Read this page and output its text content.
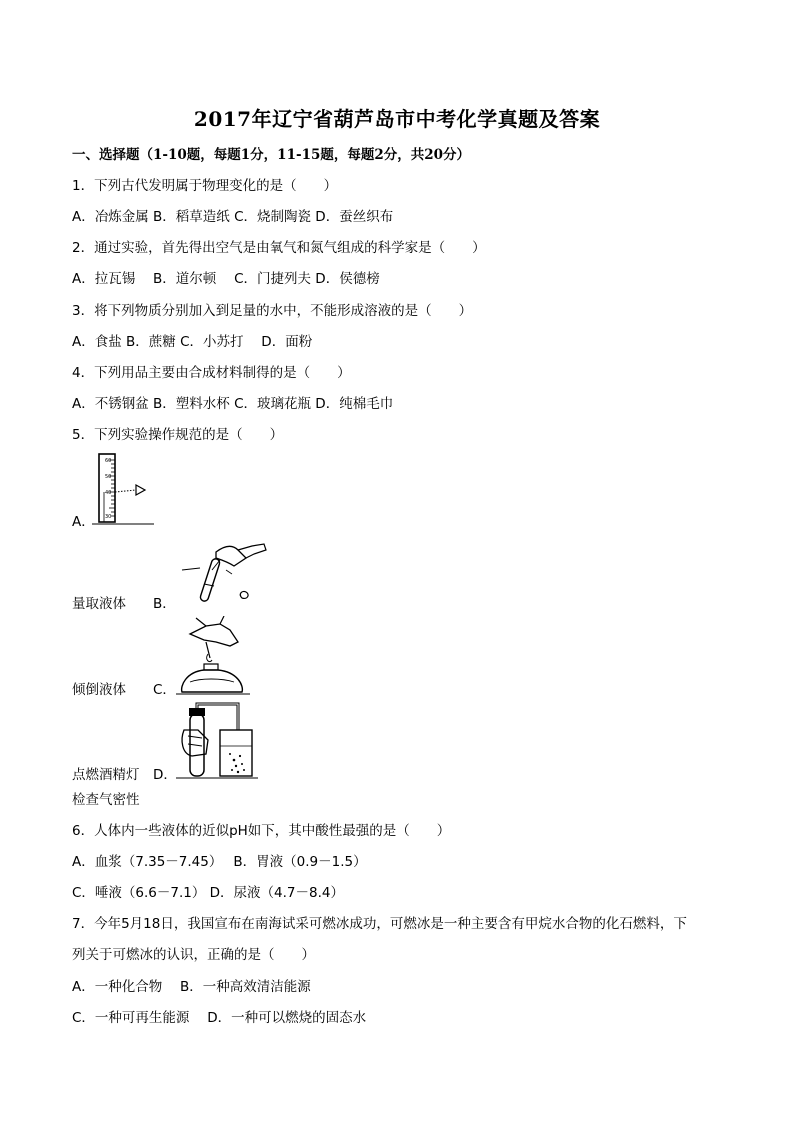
2017年辽宁省葫芦岛市中考化学真题及答案
一、选择题（1-10题，每题1分，11-15题，每题2分，共20分）
1．下列古代发明属于物理变化的是（　　）
A．冶炼金属 B．稻草造纸 C．烧制陶瓷 D．蚕丝织布
2．通过实验，首先得出空气是由氧气和氮气组成的科学家是（　　）
A．拉瓦锡　 B．道尔顿　 C．门捷列夫 D．侯德榜
3．将下列物质分别加入到足量的水中，不能形成溶液的是（　　）
A．食盐 B．蔗糖 C．小苏打　 D．面粉
4．下列用品主要由合成材料制得的是（　　）
A．不锈钢盆 B．塑料水杯 C．玻璃花瓶 D．纯棉毛巾
5．下列实验操作规范的是（　　）
60
50
40
30
A．
量取液体　　B．
倾倒液体　　C．
点燃酒精灯　D．
检查气密性
6．人体内一些液体的近似pH如下，其中酸性最强的是（　　）
A．血浆（7.35－7.45）　 B．胃液（0.9－1.5）
C．唾液（6.6－7.1） D．尿液（4.7－8.4）
7．今年5月18日，我国宣布在南海试采可燃冰成功，可燃冰是一种主要含有甲烷水合物的化石燃料，下
列关于可燃冰的认识，正确的是（　　）
A．一种化合物　 B．一种高效清洁能源
C．一种可再生能源　 D．一种可以燃烧的固态水
